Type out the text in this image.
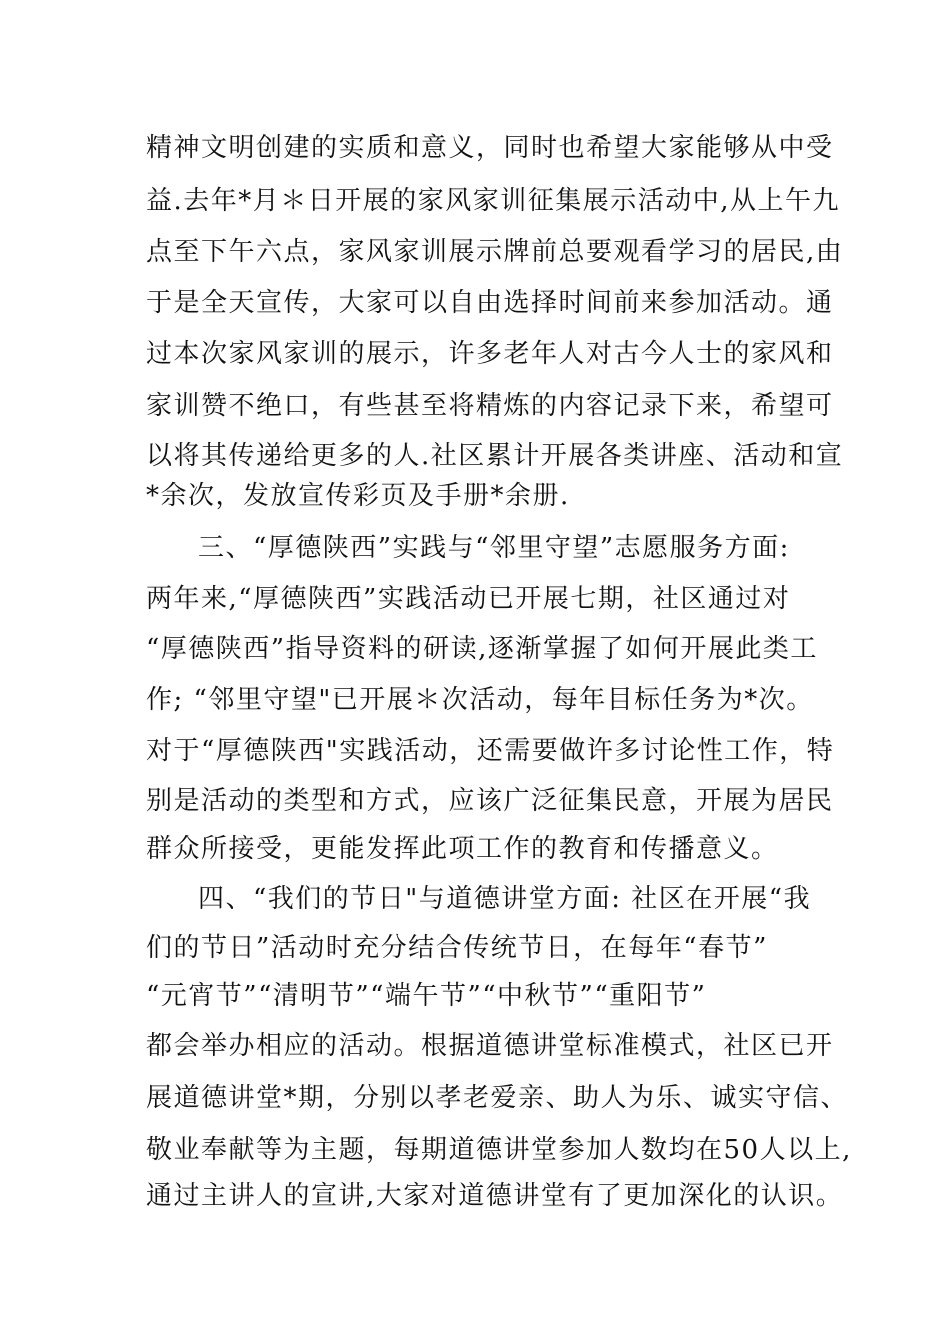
精神文明创建的实质和意义，同时也希望大家能够从中受
益.去年*月＊日开展的家风家训征集展示活动中,从上午九
点至下午六点，家风家训展示牌前总要观看学习的居民,由
于是全天宣传，大家可以自由选择时间前来参加活动。通
过本次家风家训的展示，许多老年人对古今人士的家风和
家训赞不绝口，有些甚至将精炼的内容记录下来，希望可
以将其传递给更多的人.社区累计开展各类讲座、活动和宣
*余次，发放宣传彩页及手册*余册.
三、“厚德陕西”实践与“邻里守望”志愿服务方面:
两年来,“厚德陕西”实践活动已开展七期，社区通过对
“厚德陕西”指导资料的研读,逐渐掌握了如何开展此类工
作; “邻里守望"已开展＊次活动，每年目标任务为*次。
对于“厚德陕西"实践活动，还需要做许多讨论性工作，特
别是活动的类型和方式，应该广泛征集民意，开展为居民
群众所接受，更能发挥此项工作的教育和传播意义。
四、“我们的节日"与道德讲堂方面: 社区在开展“我
们的节日”活动时充分结合传统节日，在每年“春节”
“元宵节”“清明节”“端午节”“中秋节”“重阳节”
都会举办相应的活动。根据道德讲堂标准模式，社区已开
展道德讲堂*期，分别以孝老爱亲、助人为乐、诚实守信、
敬业奉献等为主题，每期道德讲堂参加人数均在50人以上,
通过主讲人的宣讲,大家对道德讲堂有了更加深化的认识。
